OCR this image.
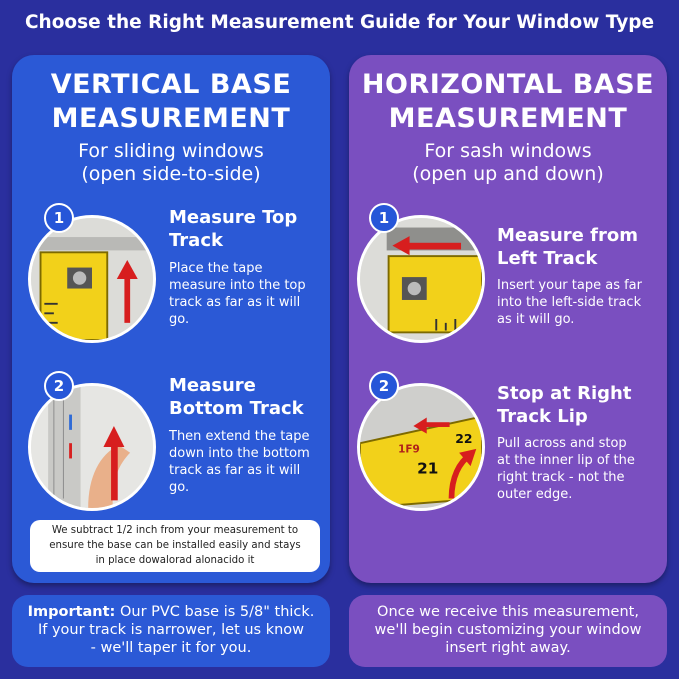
Choose the Right Measurement Guide for Your Window Type
VERTICAL BASE
MEASUREMENT
For sliding windows
(open side-to-side)
1	Measure Top
Track
Place the tape
measure into the top
track as far as it will
go.
2	Measure
Bottom Track
Then extend the tape
down into the bottom
track as far as it will
go.
We subtract 1/2 inch from your measurement to
ensure the base can be installed easily and stays
in place dowalorad alonacido it
HORIZONTAL BASE
MEASUREMENT
For sash windows
(open up and down)
1
Measure from
Left Track
Insert your tape as far
into the left-side track
as it will go.
1F9
21
22
0
2	Stop at Right
Track Lip
Pull across and stop
at the inner lip of the
right track - not the
outer edge.
Important: Our PVC base is 5/8" thick.
If your track is narrower, let us know
- we'll taper it for you.
Once we receive this measurement,
we'll begin customizing your window
insert right away.
